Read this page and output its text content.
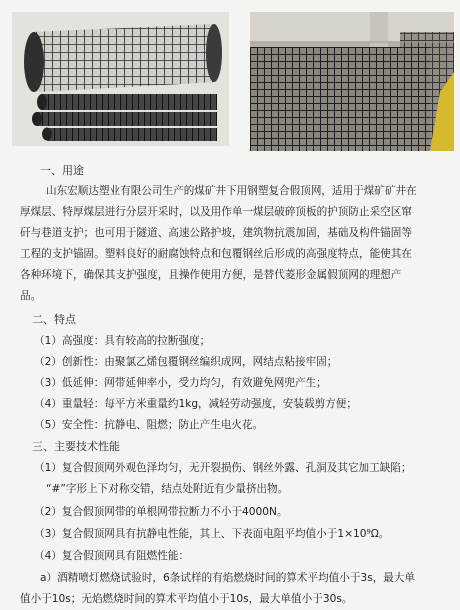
一、用途
山东宏顺达塑业有限公司生产的煤矿井下用钢塑复合假顶网，适用于煤矿矿井在
厚煤层、特厚煤层进行分层开采时，以及用作单一煤层破碎顶板的护顶防止采空区窜
矸与巷道支护；也可用于隧道、高速公路护坡，建筑物抗震加固，基础及构件锚固等
工程的支护锚固。塑料良好的耐腐蚀特点和包覆钢丝后形成的高强度特点，能使其在
各种环境下，确保其支护强度，且操作使用方便，是替代菱形金属假顶网的理想产
品。
二、特点
（1）高强度：具有较高的拉断强度；
（2）创新性：由聚氯乙烯包覆钢丝编织成网，网结点粘接牢固；
（3）低延伸：网带延伸率小，受力均匀，有效避免网兜产生；
（4）重量轻：每平方米重量约1kg，减轻劳动强度，安装载剪方便；
（5）安全性：抗静电、阻燃；防止产生电火花。
三、主要技术性能
（1）复合假顶网外观色泽均匀，无开裂损伤、钢丝外露、孔洞及其它加工缺陷；
“#”字形上下对称交错，结点处附近有少量挤出物。
（2）复合假顶网带的单根网带拉断力不小于4000N。
（3）复合假顶网具有抗静电性能，其上、下表面电阻平均值小于1×10⁹Ω。
（4）复合假顶网具有阻燃性能：
a）酒精喷灯燃烧试验时，6条试样的有焰燃烧时间的算术平均值小于3s，最大单
值小于10s；无焰燃烧时间的算术平均值小于10s，最大单值小于30s。
